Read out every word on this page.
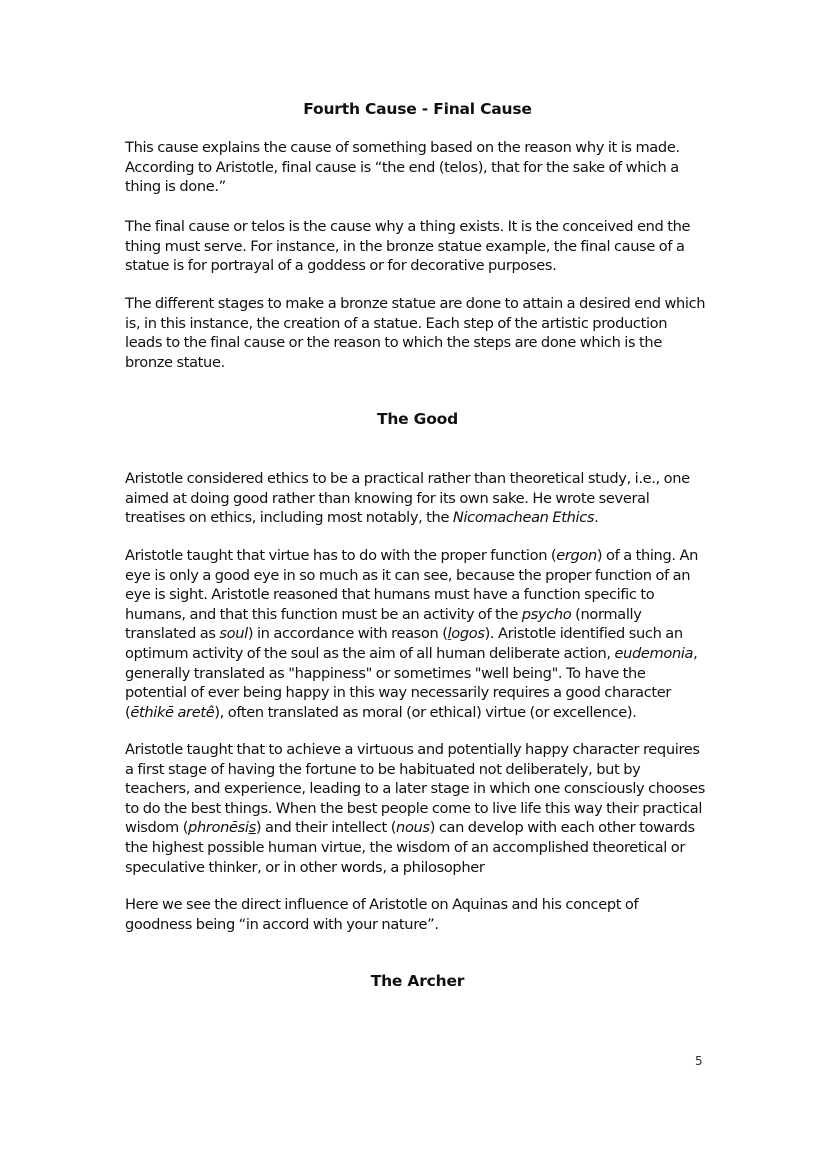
Fourth Cause - Final Cause

This cause explains the cause of something based on the reason why it is made. According to Aristotle, final cause is “the end (telos), that for the sake of which a thing is done.”

The final cause or telos is the cause why a thing exists. It is the conceived end the thing must serve. For instance, in the bronze statue example, the final cause of a statue is for portrayal of a goddess or for decorative purposes.

The different stages to make a bronze statue are done to attain a desired end which is, in this instance, the creation of a statue. Each step of the artistic production leads to the final cause or the reason to which the steps are done which is the bronze statue.

The Good

Aristotle considered ethics to be a practical rather than theoretical study, i.e., one aimed at doing good rather than knowing for its own sake. He wrote several treatises on ethics, including most notably, the Nicomachean Ethics.

Aristotle taught that virtue has to do with the proper function (ergon) of a thing. An eye is only a good eye in so much as it can see, because the proper function of an eye is sight. Aristotle reasoned that humans must have a function specific to humans, and that this function must be an activity of the psycho (normally translated as soul) in accordance with reason (logos). Aristotle identified such an optimum activity of the soul as the aim of all human deliberate action, eudemonia, generally translated as "happiness" or sometimes "well being". To have the potential of ever being happy in this way necessarily requires a good character (ēthikē aretê), often translated as moral (or ethical) virtue (or excellence).

Aristotle taught that to achieve a virtuous and potentially happy character requires a first stage of having the fortune to be habituated not deliberately, but by teachers, and experience, leading to a later stage in which one consciously chooses to do the best things. When the best people come to live life this way their practical wisdom (phronēsis) and their intellect (nous) can develop with each other towards the highest possible human virtue, the wisdom of an accomplished theoretical or speculative thinker, or in other words, a philosopher

Here we see the direct influence of Aristotle on Aquinas and his concept of goodness being “in accord with your nature”.

The Archer
5
